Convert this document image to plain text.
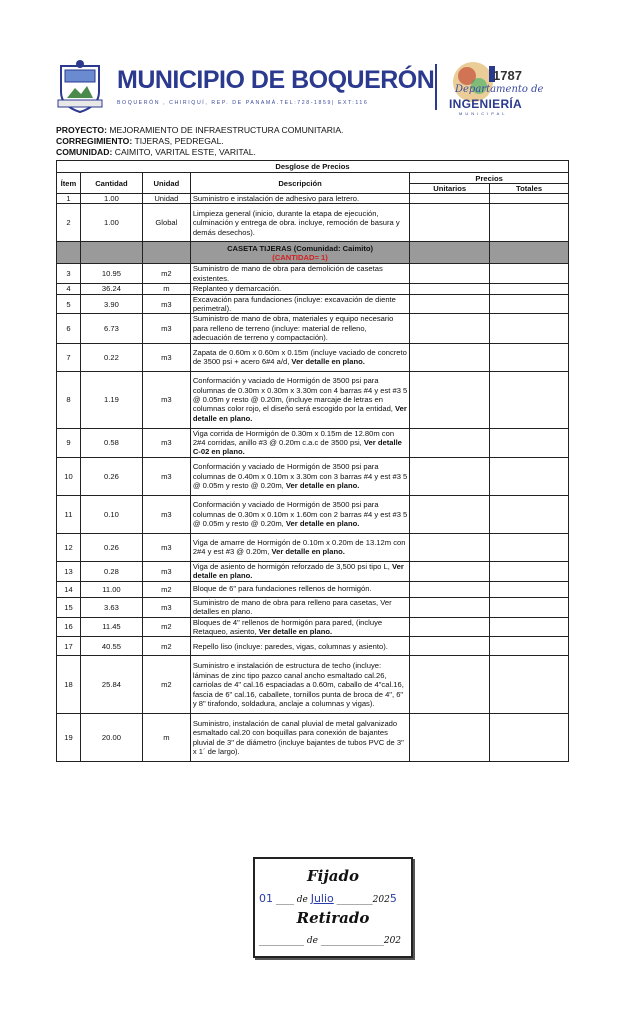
MUNICIPIO DE BOQUERÓN
BOQUERÓN , CHIRIQUÍ, REP. DE PANAMÁ.TEL:728-1859| EXT:116
1787
Departamento de
INGENIERÍA
MUNICIPAL
PROYECTO: MEJORAMIENTO DE INFRAESTRUCTURA COMUNITARIA.
CORREGIMIENTO: TIJERAS, PEDREGAL.
COMUNIDAD: CAIMITO, VARITAL ESTE, VARITAL.
Desglose de Precios					
Ítem	Cantidad	Unidad	Descripción	Precios	
				Unitarios	Totales
1	1.00	Unidad	Suministro e instalación de adhesivo para letrero.		
2	1.00	Global	Limpieza general (inicio, durante la etapa de ejecución, culminación y entrega de obra. incluye, remoción de basura y demás desechos).		

			CASETA TIJERAS (Comunidad: Caimito)
(CANTIDAD= 1)		

3	10.95	m2	Suministro de mano de obra para demolición de casetas existentes.		
4	36.24	m	Replanteo y demarcación.		
5	3.90	m3	Excavación para fundaciones (incluye: excavación de diente perimetral).		
6	6.73	m3	Suministro de mano de obra, materiales y equipo necesario para relleno de terreno (incluye: material de relleno, adecuación de terreno y compactación).		
7	0.22	m3	Zapata de 0.60m x 0.60m x 0.15m (incluye vaciado de concreto de 3500 psi + acero 6#4 a/d, Ver detalle en plano.		
8	1.19	m3	Conformación y vaciado de Hormigón de 3500 psi para columnas de 0.30m x 0.30m x 3.30m con 4 barras #4 y est #3 5 @ 0.05m y resto @ 0.20m, (incluye marcaje de letras en columnas color rojo, el diseño será escogido por la entidad, Ver detalle en plano.		
9	0.58	m3	Viga corrida de Hormigón de 0.30m x 0.15m de 12.80m con 2#4 corridas, anillo #3 @ 0.20m c.a.c de 3500 psi, Ver detalle C-02 en plano.		
10	0.26	m3	Conformación y vaciado de Hormigón de 3500 psi para columnas de 0.40m x 0.10m x 3.30m con 3 barras #4 y est #3 5 @ 0.05m y resto @ 0.20m, Ver detalle en plano.		
11	0.10	m3	Conformación y vaciado de Hormigón de 3500 psi para columnas de 0.30m x 0.10m x 1.60m con 2 barras #4 y est #3 5 @ 0.05m y resto @ 0.20m, Ver detalle en plano.		
12	0.26	m3	Viga de amarre de Hormigón de 0.10m x 0.20m de 13.12m con 2#4 y est #3 @ 0.20m, Ver detalle en plano.		
13	0.28	m3	Viga de asiento de hormigón reforzado de 3,500 psi tipo L, Ver detalle en plano.		
14	11.00	m2	Bloque de 6" para fundaciones rellenos de hormigón.		
15	3.63	m3	Suministro de mano de obra para relleno para casetas, Ver detalles en plano.		
16	11.45	m2	Bloques de 4" rellenos de hormigón para pared, (incluye Retaqueo, asiento, Ver detalle en plano.		
17	40.55	m2	Repello liso (incluye: paredes, vigas, columnas y asiento).		
18	25.84	m2	Suministro e instalación de estructura de techo (incluye: láminas de zinc tipo pazco canal ancho esmaltado cal.26, carriolas de 4" cal.16 espaciadas a 0.60m, caballo de 4"cal.16, fascia de 6" cal.16, caballete, tornillos punta de broca de 4", 6" y 8" tirafondo, soldadura, anclaje a columnas y vigas).		
19	20.00	m	Suministro, instalación de canal pluvial de metal galvanizado esmaltado cal.20 con boquillas para conexión de bajantes pluvial de 3" de diámetro (incluye bajantes de tubos PVC de 3" x 1´ de largo).		
Fijado
01 ____ de Julio ________2025
Retirado
__________ de ______________202
